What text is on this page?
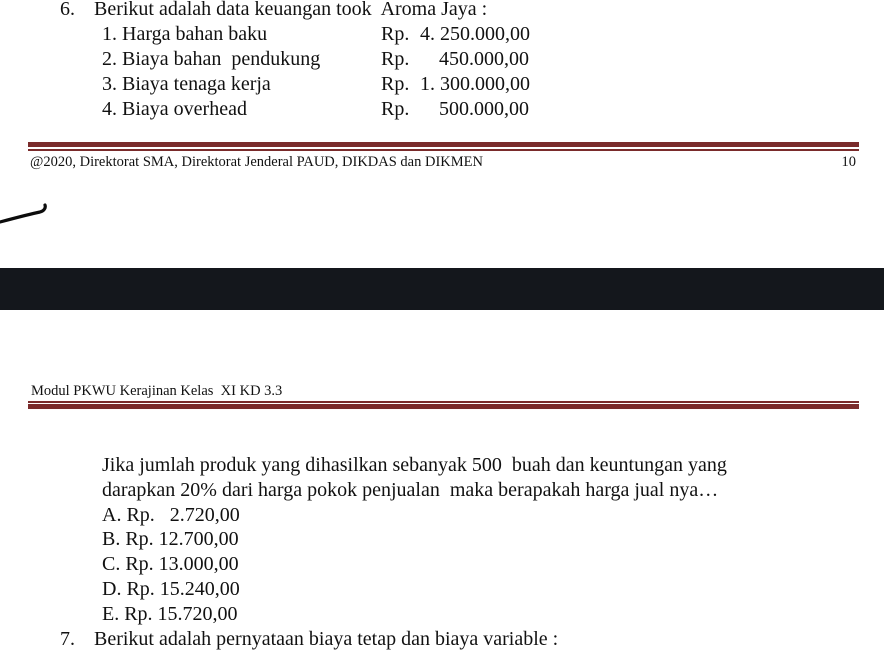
6. Berikut adalah data keuangan took  Aroma Jaya :
1. Harga bahan baku	Rp. 4. 250.000,00
2. Biaya bahan  pendukung	Rp. 450.000,00
3. Biaya tenaga kerja	Rp. 1. 300.000,00
4. Biaya overhead	Rp. 500.000,00
@2020, Direktorat SMA, Direktorat Jenderal PAUD, DIKDAS dan DIKMEN	10
Modul PKWU Kerajinan Kelas  XI KD 3.3
Jika jumlah produk yang dihasilkan sebanyak 500  buah dan keuntungan yang
darapkan 20% dari harga pokok penjualan  maka berapakah harga jual nya…
A. Rp.   2.720,00
B. Rp. 12.700,00
C. Rp. 13.000,00
D. Rp. 15.240,00
E. Rp. 15.720,00
7. Berikut adalah pernyataan biaya tetap dan biaya variable :
